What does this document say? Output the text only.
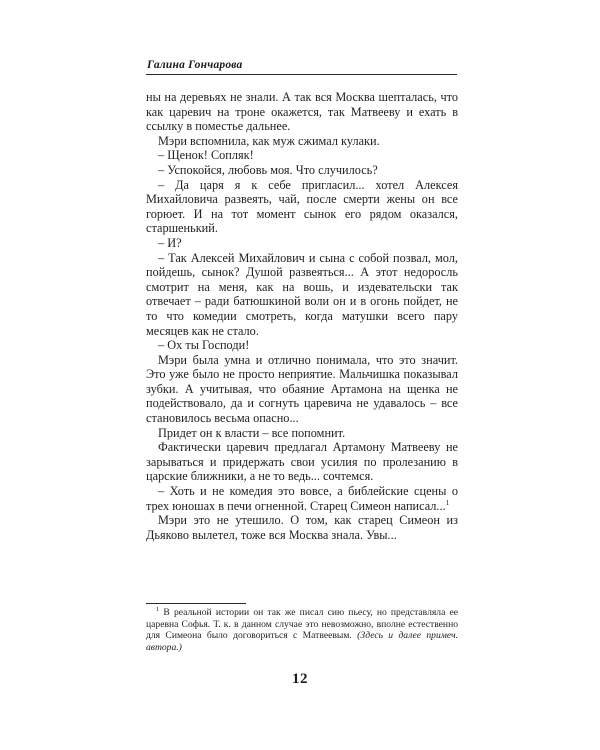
Галина Гончарова

ны на деревьях не знали. А так вся Москва шепталась, что как царевич на троне окажется, так Матвееву и ехать в ссылку в поместье дальнее.

Мэри вспомнила, как муж сжимал кулаки.

– Щенок! Сопляк!

– Успокойся, любовь моя. Что случилось?

– Да царя я к себе пригласил... хотел Алексея Михайловича развеять, чай, после смерти жены он все горюет. И на тот момент сынок его рядом оказался, старшенький.

– И?

– Так Алексей Михайлович и сына с собой позвал, мол, пойдешь, сынок? Душой развеяться... А этот недоросль смотрит на меня, как на вошь, и издевательски так отвечает – ради батюшкиной воли он и в огонь пойдет, не то что комедии смотреть, когда матушки всего пару месяцев как не стало.

– Ох ты Господи!

Мэри была умна и отлично понимала, что это значит. Это уже было не просто неприятие. Мальчишка показывал зубки. А учитывая, что обаяние Артамона на щенка не подействовало, да и согнуть царевича не удавалось – все становилось весьма опасно...

Придет он к власти – все попомнит.

Фактически царевич предлагал Артамону Матвееву не зарываться и придержать свои усилия по пролезанию в царские ближники, а не то ведь... сочтемся.

– Хоть и не комедия это вовсе, а библейские сцены о трех юношах в печи огненной. Старец Симеон написал...$^1$

Мэри это не утешило. О том, как старец Симеон из Дьяково вылетел, тоже вся Москва знала. Увы...

$^1$ В реальной истории он так же писал сию пьесу, но представляла ее царевна Софья. Т. к. в данном случае это невозможно, вполне естественно для Симеона было договориться с Матвеевым. (Здесь и далее примеч. автора.)

12
